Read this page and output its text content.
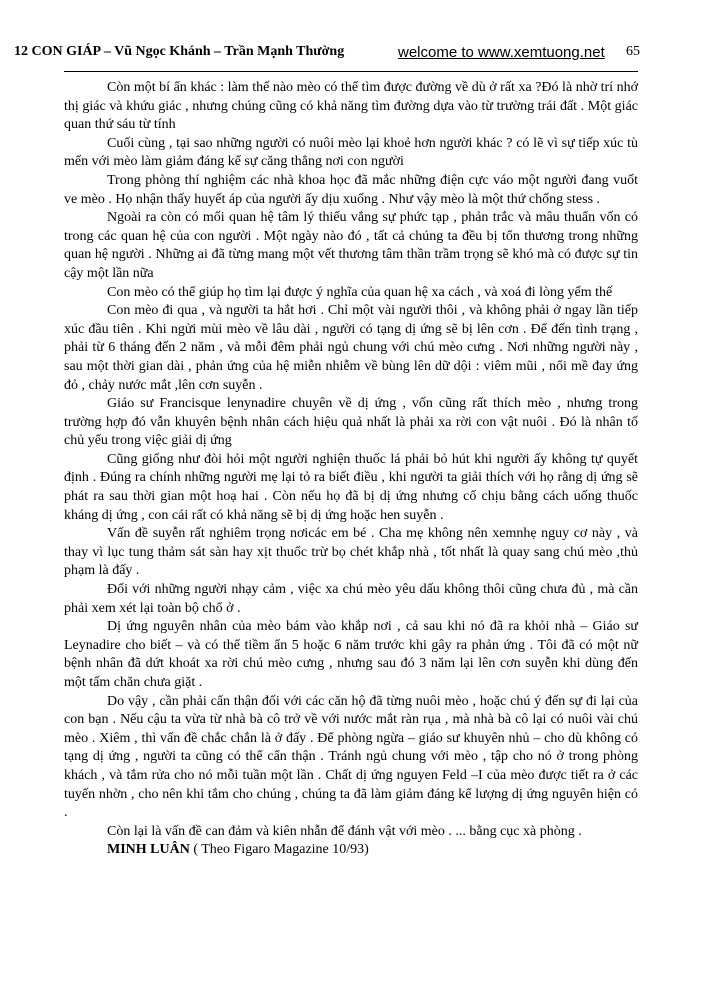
12 CON GIÁP – Vũ Ngọc Khánh – Trần Mạnh Thường	welcome to www.xemtuong.net 65

Còn một bí ẩn khác : làm thế nào mèo có thể tìm được đường về dù ở rất xa ?Đó là nhờ trí nhớ thị giác và khứu giác , nhưng chúng cũng có khả năng tìm đường dựa vào từ trường trái đất . Một giác quan thứ sáu từ tính

Cuối cùng , tại sao những người có nuôi mèo lại khoẻ hơn người khác ? có lẽ vì sự tiếp xúc tù mến với mèo làm giảm đáng kể sự căng thẳng nơi con người

Trong phòng thí nghiệm các nhà khoa học đã mắc những điện cực váo một người đang vuốt ve mèo . Họ nhận thấy huyết áp của người ấy dịu xuống . Như vậy mèo là một thứ chống stess .

Ngoài ra còn có mối quan hệ tâm lý thiếu vắng sự phức tạp , phản trắc và mâu thuẩn vốn có trong các quan hệ của con người . Một ngày nào đó , tất cả chúng ta đều bị tổn thương trong những quan hệ người . Những ai đã từng mang một vết thương tâm thần trầm trọng sẽ khó mà có được sự tin cậy một lần nữa

Con mèo có thể giúp họ tìm lại được ý nghĩa của quan hệ xa cách , và xoá đi lòng yếm thế

Con mèo đi qua , và người ta hắt hơi . Chỉ một vài người thôi , và không phải ở ngay lần tiếp xúc đầu tiên . Khi ngửi mùi mèo về lâu dài , người có tạng dị ứng sẽ bị lên cơn . Để đến tình trạng , phải từ 6 tháng đến 2 năm , và mỗi đêm phải ngủ chung với chú mèo cưng . Nơi những người này , sau một thời gian dài , phản ứng của hệ miễn nhiễm về bùng lên dữ dội : viêm mũi , nổi mề đay ứng đỏ , chảy nước mắt ,lên cơn suyễn .

Giáo sư Francisque lenynadire chuyên về dị ứng , vốn cũng rất thích mèo , nhưng trong trường hợp đó vẫn khuyên bệnh nhân cách hiệu quả nhất là phải xa rời con vật nuôi . Đó là nhân tố chủ yếu trong việc giải dị ứng

Cũng giống như đòi hỏi một người nghiện thuốc lá phải bỏ hút khi người ấy không tự quyết định . Đúng ra chính những người mẹ lại tỏ ra biết điều , khi người ta giải thích với họ rằng dị ứng sẽ phát ra sau thời gian một hoạ hai . Còn nếu họ đã bị dị ứng nhưng cố chịu bằng cách uống thuốc kháng dị ứng , con cái rất có khả năng sẽ bị dị ứng hoặc hen suyễn .

Vấn đề suyễn rất nghiêm trọng nơicác em bé . Cha mẹ không nên xemnhẹ nguy cơ này , và thay vì lục tung thảm sát sàn hay xịt thuốc trừ bọ chét khắp nhà , tốt nhất là quay sang chú mèo ,thủ phạm là đấy .

Đối với những người nhạy cảm , việc xa chú mèo yêu dấu không thôi cũng chưa đủ , mà cần phải xem xét lại toàn bộ chổ ở .

Dị ứng nguyên nhân của mèo bám vào khắp nơi , cả sau khi nó đã ra khỏi nhà – Giáo sư Leynadire cho biết – và có thể tiềm ẩn 5 hoặc 6 năm trước khi gây ra phản ứng . Tôi đã có một nữ bệnh nhân đã dứt khoát xa rời chú mèo cưng , nhưng sau đó 3 năm lại lên cơn suyễn khi dùng đến một tấm chăn chưa giặt .

Do vậy , cần phải cẩn thận đối với các căn hộ đã từng nuôi mèo , hoặc chú ý đến sự đi lại của con bạn . Nếu cậu ta vừa từ nhà bà cô trở về với nước mắt ràn rụa , mà nhà bà cô lại có nuôi vài chú mèo . Xiêm , thì vấn đề chắc chắn là ở đấy . Để phòng ngừa – giáo sư khuyên nhủ – cho dù không có tạng dị ứng , người ta cũng có thể cẩn thận . Tránh ngủ chung với mèo , tập cho nó ở trong phòng khách , và tắm rửa cho nó mỗi tuần một lần . Chất dị ứng nguyen Feld –I của mèo được tiết ra ở các tuyến nhờn , cho nên khi tắm cho chúng , chúng ta đã làm giảm đáng kể lượng dị ứng nguyên hiện có .

Còn lại là vấn đề can đảm và kiên nhẫn để đánh vật với mèo . ... bằng cục xà phòng .

MINH LUÂN ( Theo Figaro Magazine 10/93)
